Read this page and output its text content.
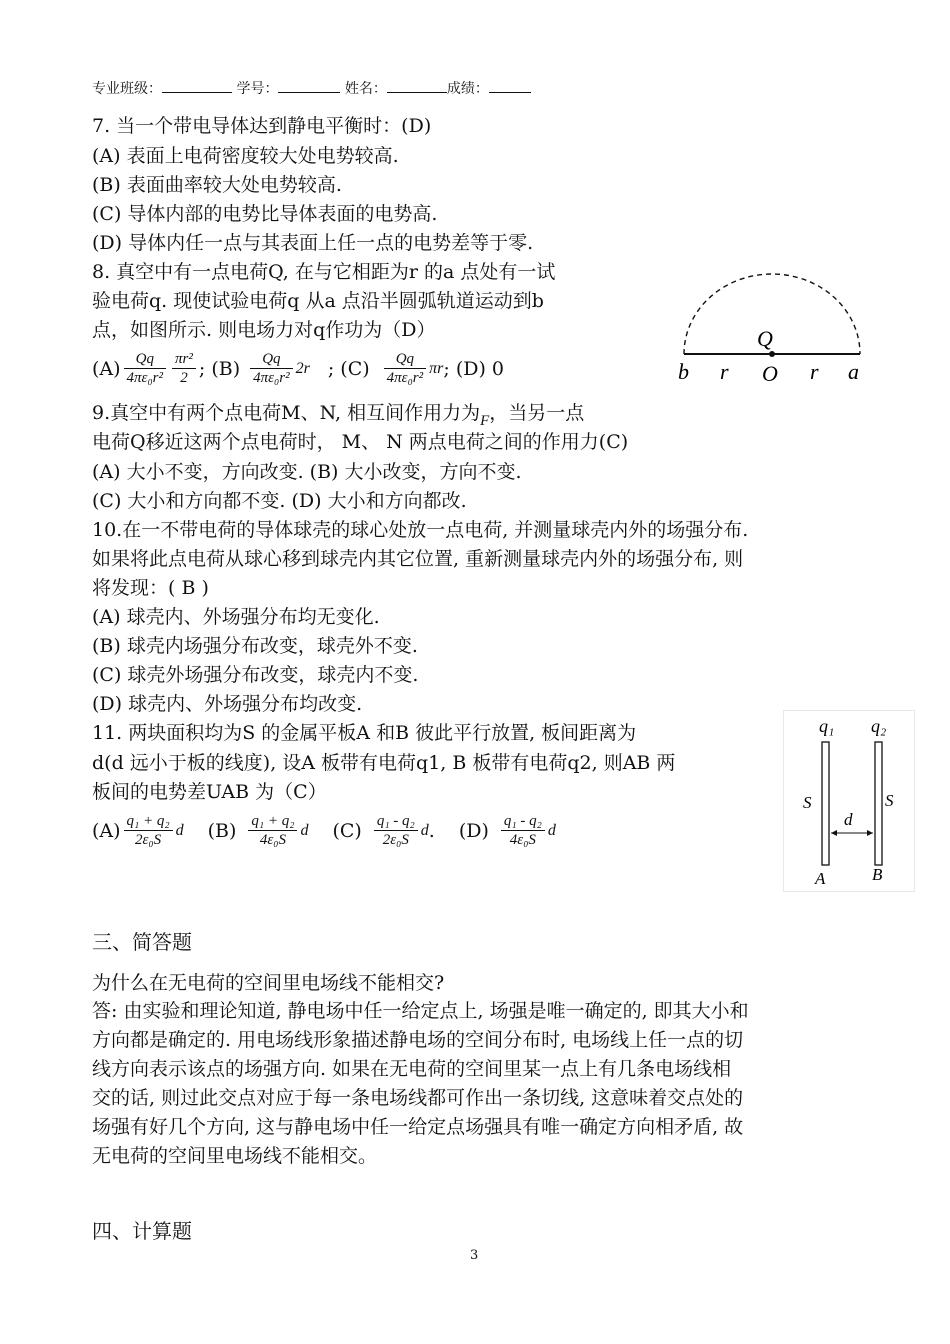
专业班级：	学号：	姓名：	成绩：
7. 当一个带电导体达到静电平衡时：(D)
(A) 表面上电荷密度较大处电势较高.
(B) 表面曲率较大处电势较高.
(C) 导体内部的电势比导体表面的电势高.
(D) 导体内任一点与其表面上任一点的电势差等于零.
8. 真空中有一点电荷Q, 在与它相距为r 的a 点处有一试
验电荷q. 现使试验电荷q 从a 点沿半圆弧轨道运动到b
点，如图所示. 则电场力对q作功为（D）
$(A) \frac{Qq}{\text{4πε₀r²}} \frac{\text{πr²}}{2}$ ; $(B) \frac{Qq}{\text{4πε₀r²}} 2r$ ; $(C) \frac{Qq}{\text{4πε₀r²}}$ πr ; (D) 0
Q
b r O r a
9.真空中有两个点电荷M、N, 相互间作用力为$_F$，当另一点
电荷Q移近这两个点电荷时， M、 N 两点电荷之间的作用力(C)
(A) 大小不变，方向改变. (B) 大小改变，方向不变.
(C) 大小和方向都不变. (D) 大小和方向都改.
10.在一不带电荷的导体球壳的球心处放一点电荷, 并测量球壳内外的场强分布.
如果将此点电荷从球心移到球壳内其它位置, 重新测量球壳内外的场强分布, 则
将发现：( B )
(A) 球壳内、外场强分布均无变化.
(B) 球壳内场强分布改变，球壳外不变.
(C) 球壳外场强分布改变，球壳内不变.
(D) 球壳内、外场强分布均改变.
11. 两块面积均为S 的金属平板A 和B 彼此平行放置, 板间距离为
d(d 远小于板的线度), 设A 板带有电荷q1, B 板带有电荷q2, 则AB 两
板间的电势差UAB 为（C）
$(A) \frac{\text{q₁ + q₂}}{\text{2ε₀S}}$ d $(B) \frac{\text{q₁ + q₂}}{\text{4ε₀S}}$ d $(C) \frac{\text{q₁ - q₂}}{\text{2ε₀S}}$ d . $(D) \frac{\text{q₁ - q₂}}{\text{4ε₀S}}$ d
q₁ q₂
S	S
d
A	B
三、简答题
为什么在无电荷的空间里电场线不能相交?
答: 由实验和理论知道, 静电场中任一给定点上, 场强是唯一确定的, 即其大小和
方向都是确定的. 用电场线形象描述静电场的空间分布时, 电场线上任一点的切
线方向表示该点的场强方向. 如果在无电荷的空间里某一点上有几条电场线相
交的话, 则过此交点对应于每一条电场线都可作出一条切线, 这意味着交点处的
场强有好几个方向, 这与静电场中任一给定点场强具有唯一确定方向相矛盾, 故
无电荷的空间里电场线不能相交。
四、计算题
3
